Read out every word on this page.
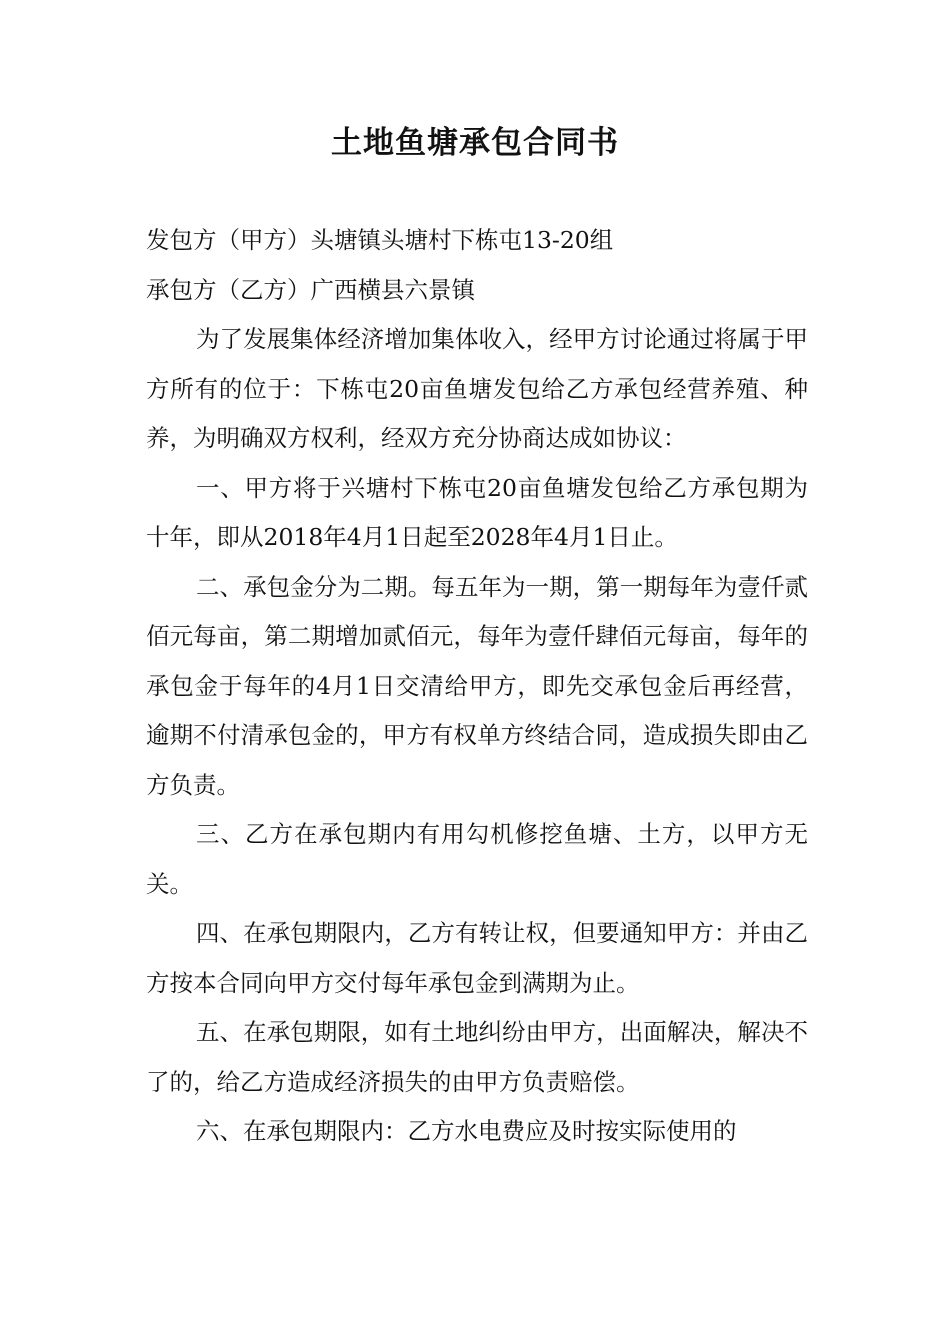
土地鱼塘承包合同书

发包方（甲方）头塘镇头塘村下栋屯13-20组

承包方（乙方）广西横县六景镇

为了发展集体经济增加集体收入，经甲方讨论通过将属于甲方所有的位于：下栋屯20亩鱼塘发包给乙方承包经营养殖、种养，为明确双方权利，经双方充分协商达成如协议：

一、甲方将于兴塘村下栋屯20亩鱼塘发包给乙方承包期为十年，即从2018年4月1日起至2028年4月1日止。

二、承包金分为二期。每五年为一期，第一期每年为壹仟贰佰元每亩，第二期增加贰佰元，每年为壹仟肆佰元每亩，每年的承包金于每年的4月1日交清给甲方，即先交承包金后再经营，逾期不付清承包金的，甲方有权单方终结合同，造成损失即由乙方负责。

三、乙方在承包期内有用勾机修挖鱼塘、土方，以甲方无关。

四、在承包期限内，乙方有转让权，但要通知甲方：并由乙方按本合同向甲方交付每年承包金到满期为止。

五、在承包期限，如有土地纠纷由甲方，出面解决，解决不了的，给乙方造成经济损失的由甲方负责赔偿。

六、在承包期限内：乙方水电费应及时按实际使用的
